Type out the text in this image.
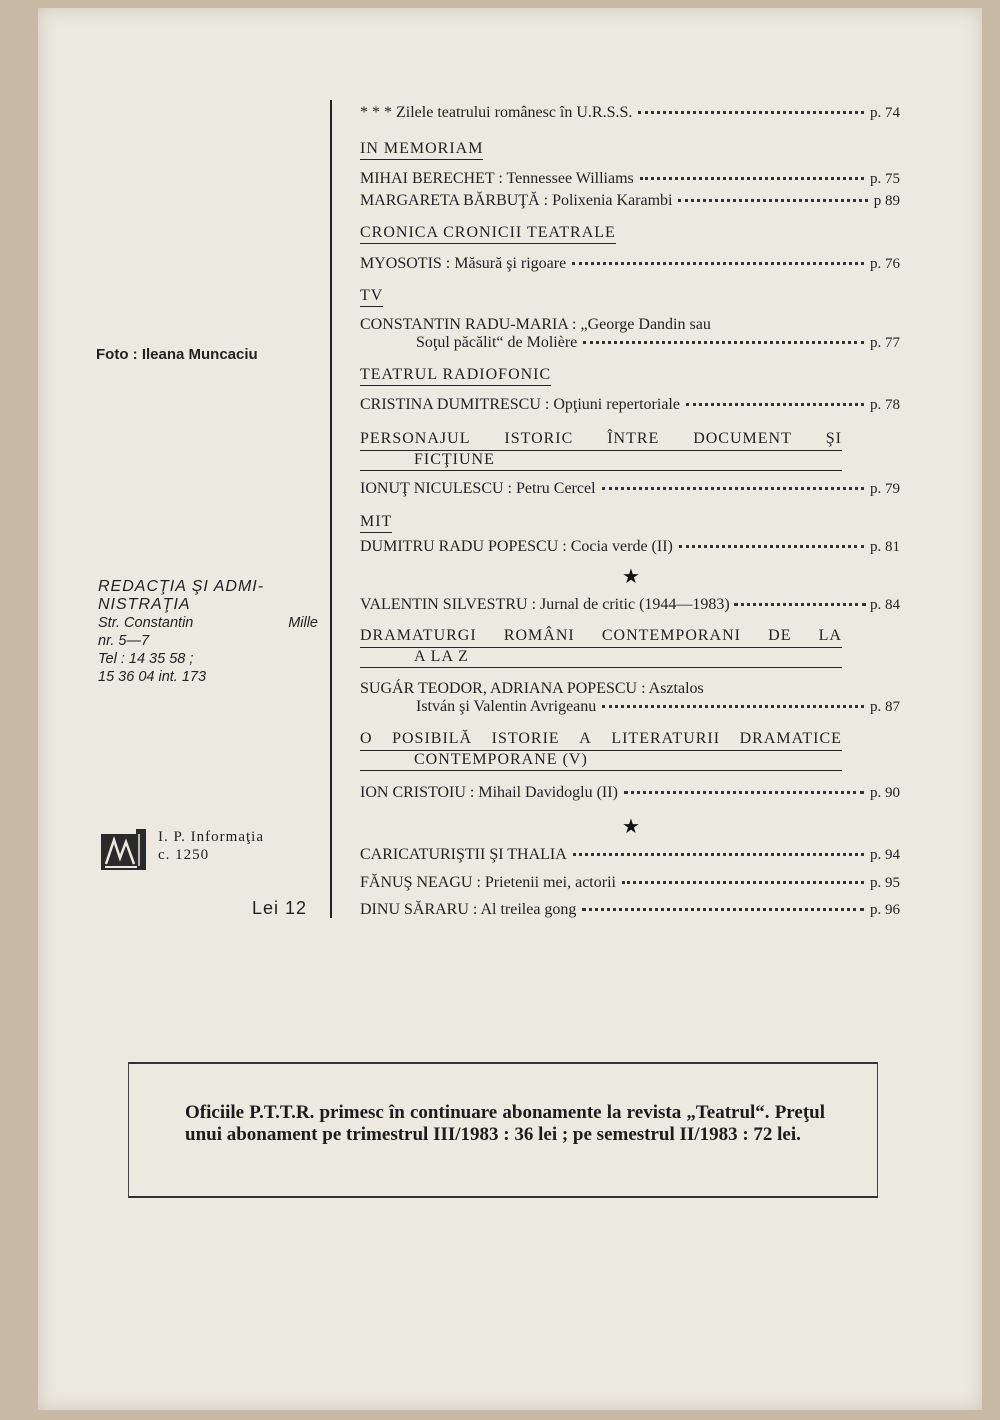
Foto : Ileana Muncaciu
REDACŢIA ŞI ADMI-
NISTRAŢIA
Str. Constantin	Mille
nr. 5—7
Tel : 14 35 58 ;
15 36 04 int. 173
I. P. Informaţia
c. 1250
Lei 12
* * * Zilele teatrului românesc în U.R.S.S.	p. 74
IN MEMORIAM
MIHAI BERECHET : Tennessee Williams	p. 75
MARGARETA BĂRBUŢĂ : Polixenia Karambi	p 89
CRONICA CRONICII TEATRALE
MYOSOTIS : Măsură şi rigoare	p. 76
TV
CONSTANTIN RADU-MARIA : „George Dandin sau
Soţul păcălit“ de Molière	p. 77
TEATRUL RADIOFONIC
CRISTINA DUMITRESCU : Opţiuni repertoriale	p. 78
PERSONAJUL ISTORIC ÎNTRE DOCUMENT ŞI
FICŢIUNE
IONUŢ NICULESCU : Petru Cercel	p. 79
MIT
DUMITRU RADU POPESCU : Cocia verde (II)	p. 81
★
VALENTIN SILVESTRU : Jurnal de critic (1944—1983)	p. 84
DRAMATURGI ROMÂNI CONTEMPORANI DE LA
A LA Z
SUGÁR TEODOR, ADRIANA POPESCU : Asztalos
István şi Valentin Avrigeanu	p. 87
O POSIBILĂ ISTORIE A LITERATURII DRAMATICE
CONTEMPORANE (V)
ION CRISTOIU : Mihail Davidoglu (II)	p. 90
★
CARICATURIŞTII ŞI THALIA	p. 94
FĂNUŞ NEAGU : Prietenii mei, actorii	p. 95
DINU SĂRARU : Al treilea gong	p. 96
Oficiile P.T.T.R. primesc în continuare abonamente la revista „Teatrul“. Preţul unui abonament pe trimestrul III/1983 : 36 lei ; pe semestrul II/1983 : 72 lei.
